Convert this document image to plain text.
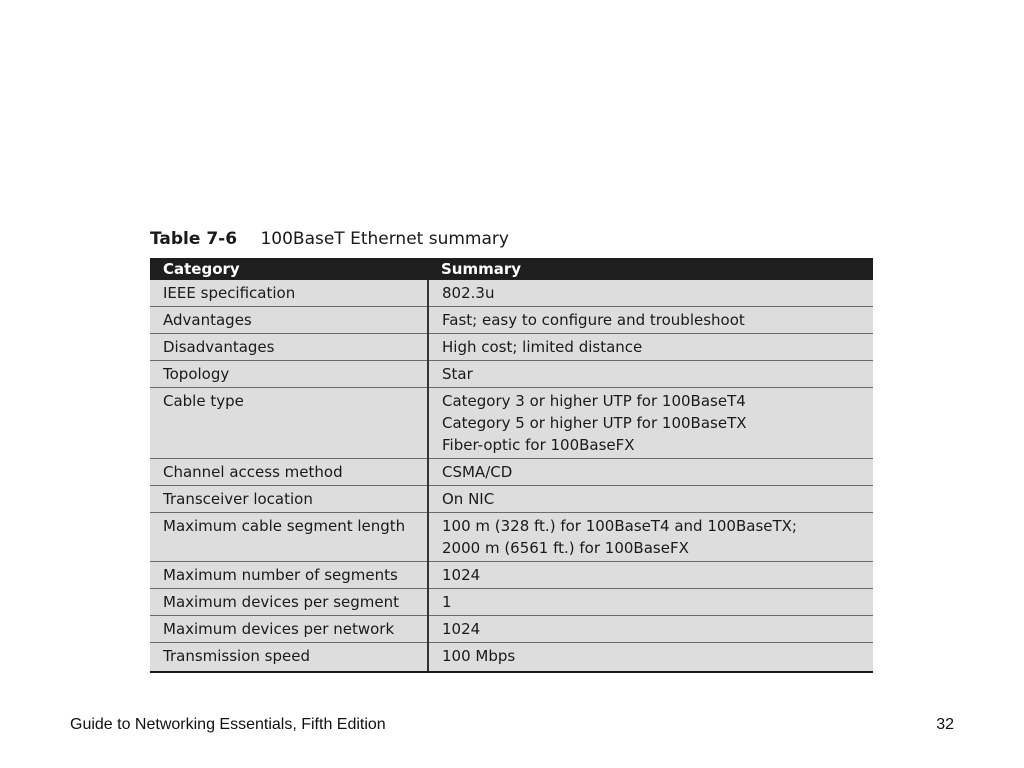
Table 7-6 100BaseT Ethernet summary
Category	Summary
IEEE specification	802.3u

Advantages	Fast; easy to configure and troubleshoot

Disadvantages	High cost; limited distance

Topology	Star

Cable type	Category 3 or higher UTP for 100BaseT4
Category 5 or higher UTP for 100BaseTX
Fiber-optic for 100BaseFX

Channel access method	CSMA/CD

Transceiver location	On NIC

Maximum cable segment length	100 m (328 ft.) for 100BaseT4 and 100BaseTX;
2000 m (6561 ft.) for 100BaseFX

Maximum number of segments	1024

Maximum devices per segment	1

Maximum devices per network	1024

Transmission speed	100 Mbps
Guide to Networking Essentials, Fifth Edition	32
